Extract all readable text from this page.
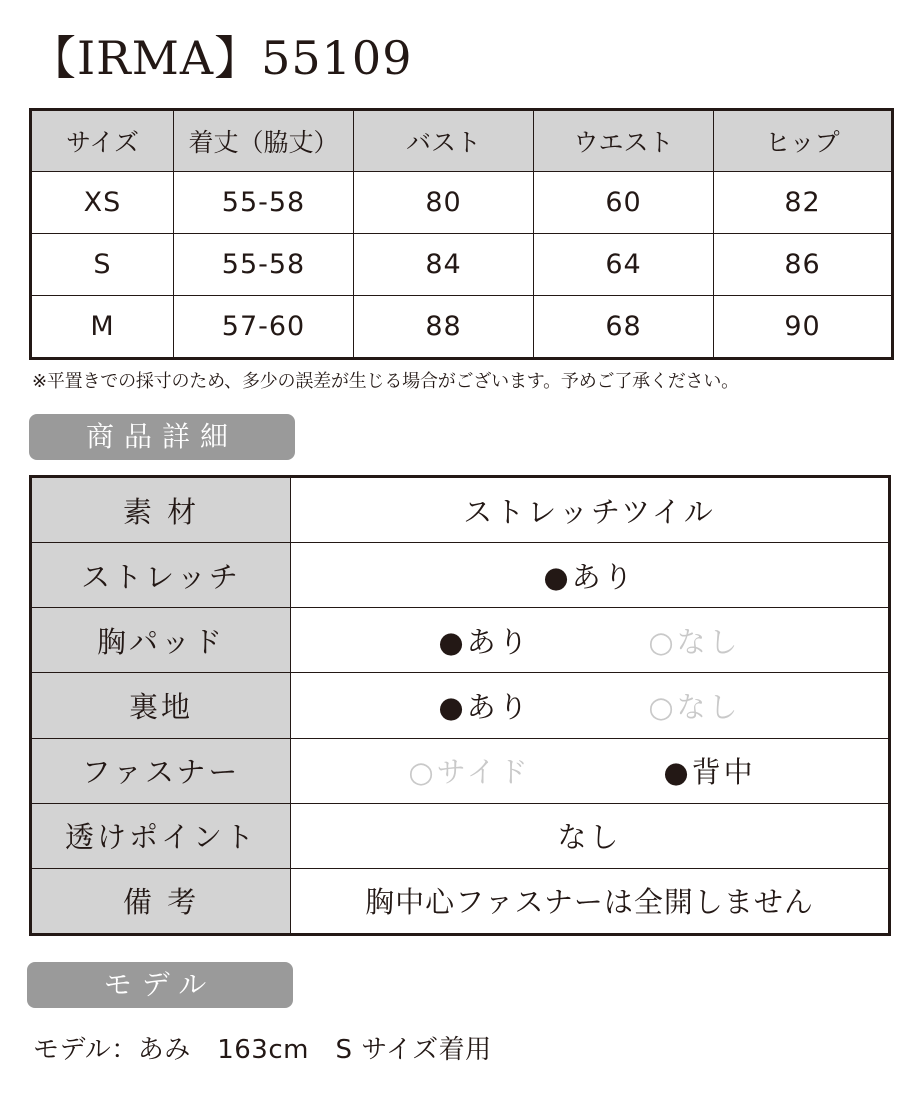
【IRMA】55109
サイズ	着丈（脇丈）	バスト	ウエスト	ヒップ
XS	55-58	80	60	82
S	55-58	84	64	86
M	57-60	88	68	90
※平置きでの採寸のため、多少の誤差が生じる場合がございます。予めご了承ください。
商品詳細
素 材	ストレッチツイル
ストレッチ	●あり
胸パッド	●あり ○なし

裏地	●あり ○なし

ファスナー	○サイド ●背中

透けポイント	なし
備 考	胸中心ファスナーは全開しません
モデル
モデル：あみ　163cm　S サイズ着用
